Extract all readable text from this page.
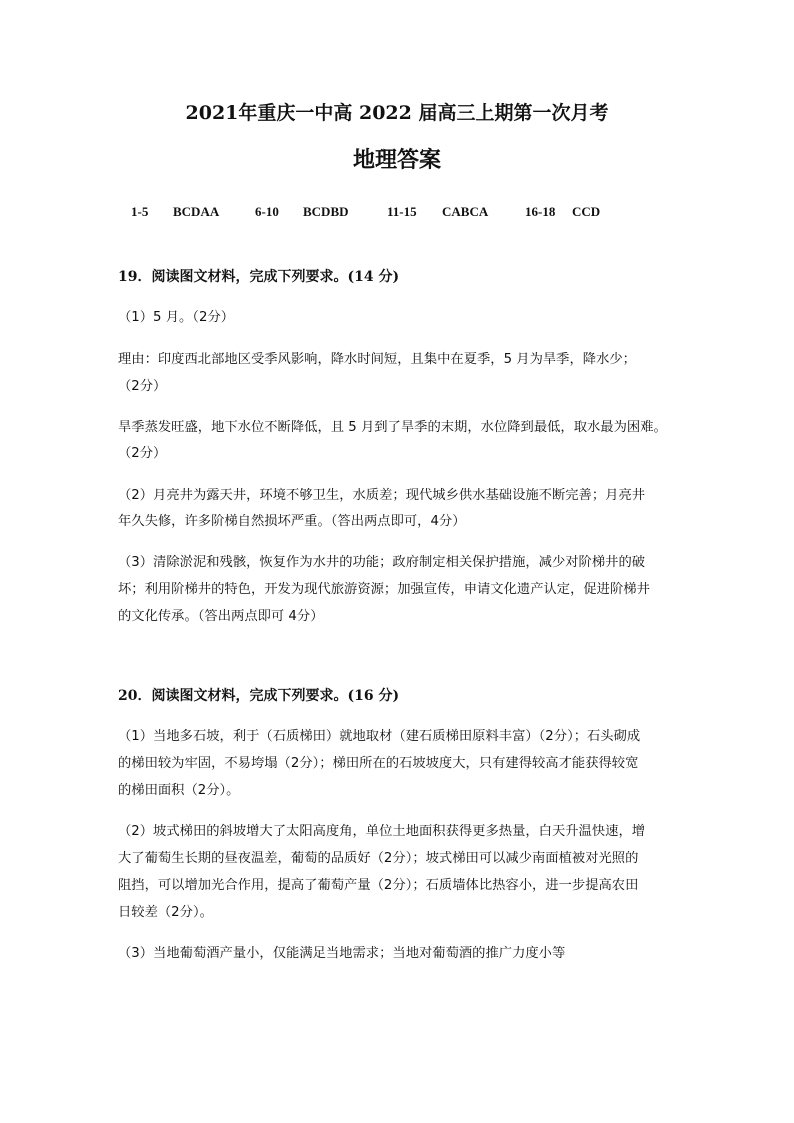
2021年重庆一中高 2022 届高三上期第一次月考
地理答案

1-5 BCDAA	6-10 BCDBD	11-15 CABCA	16-18 CCD

19．阅读图文材料，完成下列要求。(14 分)
（1）5 月。（2分）
理由：印度西北部地区受季风影响，降水时间短，且集中在夏季，5 月为旱季，降水少；
（2分）
旱季蒸发旺盛，地下水位不断降低，且 5 月到了旱季的末期，水位降到最低，取水最为困难。
（2分）
（2）月亮井为露天井，环境不够卫生，水质差；现代城乡供水基础设施不断完善；月亮井
年久失修，许多阶梯自然损坏严重。（答出两点即可，4分）
（3）清除淤泥和残骸，恢复作为水井的功能；政府制定相关保护措施，减少对阶梯井的破
坏；利用阶梯井的特色，开发为现代旅游资源；加强宣传，申请文化遗产认定，促进阶梯井
的文化传承。（答出两点即可 4分）
20．阅读图文材料，完成下列要求。(16 分)
（1）当地多石坡，利于（石质梯田）就地取材（建石质梯田原料丰富）（2分）；石头砌成
的梯田较为牢固，不易垮塌（2分）；梯田所在的石坡坡度大，只有建得较高才能获得较宽
的梯田面积（2分）。
（2）坡式梯田的斜坡增大了太阳高度角，单位土地面积获得更多热量，白天升温快速，增
大了葡萄生长期的昼夜温差，葡萄的品质好（2分）；坡式梯田可以减少南面植被对光照的
阻挡，可以增加光合作用，提高了葡萄产量（2分）；石质墙体比热容小，进一步提高农田
日较差（2分）。
（3）当地葡萄酒产量小，仅能满足当地需求；当地对葡萄酒的推广力度小等
